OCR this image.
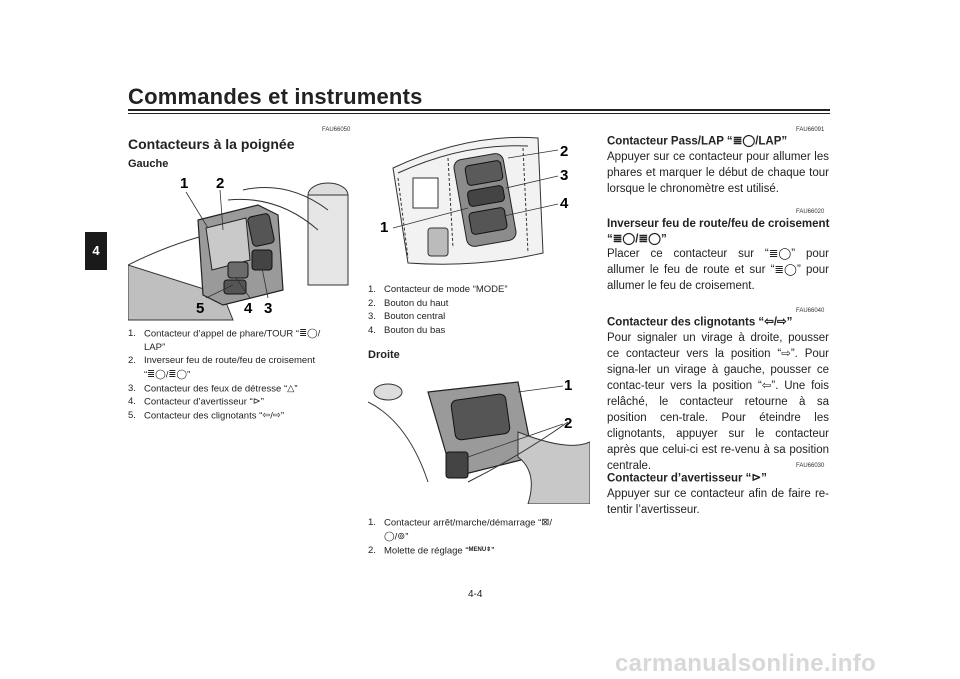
Commandes et instruments
4
FAU66050
Contacteurs à la poignée
Gauche
1 2
5	4 3
1. Contacteur d’appel de phare/TOUR “≣◯/
LAP”
2. Inverseur feu de route/feu de croisement
“≣◯/≣◯”
3. Contacteur des feux de détresse “△”
4. Contacteur d’avertisseur “⊳”
5. Contacteur des clignotants “⇦/⇨”
2
3
4
1
1. Contacteur de mode “MODE”
2. Bouton du haut
3. Bouton central
4. Bouton du bas
Droite
1
2
1. Contacteur arrêt/marche/démarrage “⊠/
◯/⊚”
2. Molette de réglage “MENU⇕”
FAU66091
Contacteur Pass/LAP “≣◯/LAP”
Appuyer sur ce contacteur pour allumer les phares et marquer le début de chaque tour lorsque le chronomètre est utilisé.
FAU66020
Inverseur feu de route/feu de croisement
“≣◯/≣◯”
Placer ce contacteur sur “≣◯” pour allumer le feu de route et sur “≣◯” pour allumer le feu de croisement.
FAU66040
Contacteur des clignotants “⇦/⇨”
Pour signaler un virage à droite, pousser ce contacteur vers la position “⇨”. Pour signa-ler un virage à gauche, pousser ce contac-teur vers la position “⇦”. Une fois relâché, le contacteur retourne à sa position cen-trale. Pour éteindre les clignotants, appuyer sur le contacteur après que celui-ci est re-venu à sa position centrale.	FAU66030
Contacteur d’avertisseur “⊳”
Appuyer sur ce contacteur afin de faire re-tentir l’avertisseur.
4-4
carmanualsonline.info
